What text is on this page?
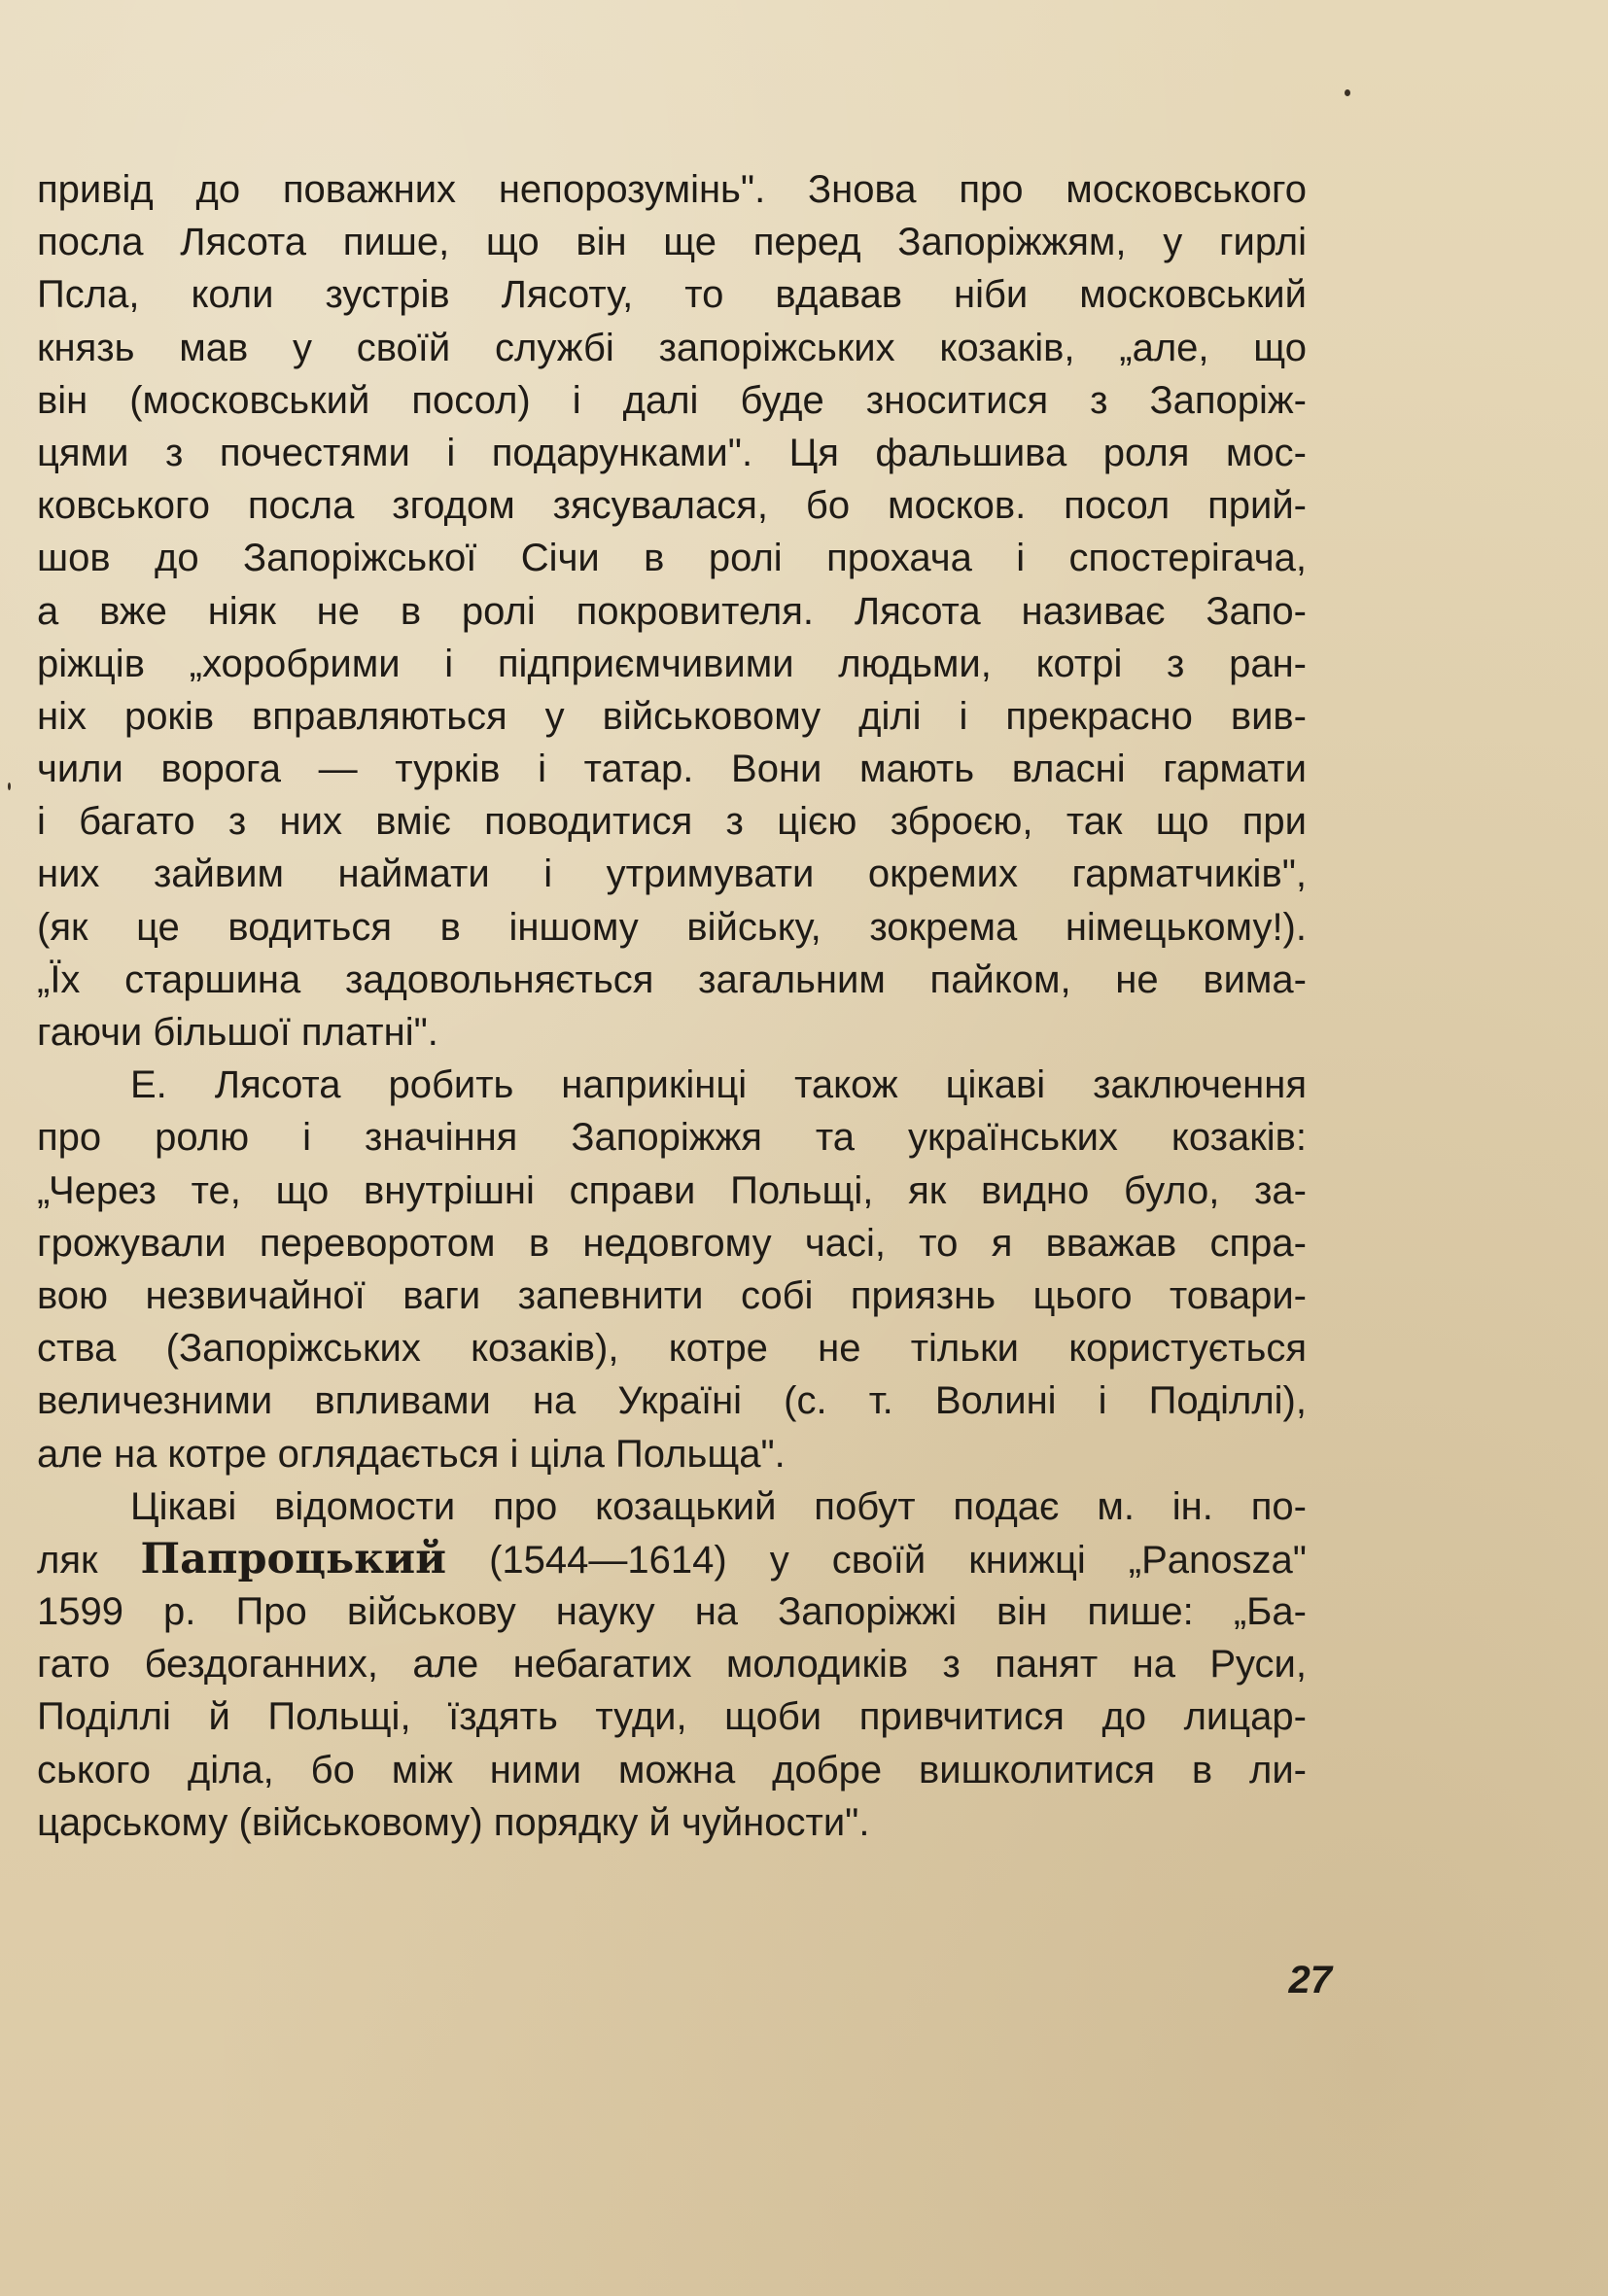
привід до поважних непорозумінь". Знова про московського
посла Лясота пише, що він ще перед Запоріжжям, у гирлі
Псла, коли зустрів Лясоту, то вдавав ніби московський
князь мав у своїй службі запоріжських козаків, „але, що
він (московський посол) і далі буде зноситися з Запоріж-
цями з почестями і подарунками". Ця фальшива роля мос-
ковського посла згодом зясувалася, бо москов. посол прий-
шов до Запоріжської Січи в ролі прохача і спостерігача,
а вже ніяк не в ролі покровителя. Лясота називає Запо-
ріжців „хоробрими і підприємчивими людьми, котрі з ран-
ніх років вправляються у військовому ділі і прекрасно вив-
чили ворога — турків і татар. Вони мають власні гармати
і багато з них вміє поводитися з цією зброєю, так що при
них зайвим наймати і утримувати окремих гарматчиків",
(як це водиться в іншому війську, зокрема німецькому!).
„Їх старшина задовольняється загальним пайком, не вима-
гаючи більшої платні".
Е. Лясота робить наприкінці також цікаві заключення
про ролю і значіння Запоріжжя та українських козаків:
„Через те, що внутрішні справи Польщі, як видно було, за-
грожували переворотом в недовгому часі, то я вважав спра-
вою незвичайної ваги запевнити собі приязнь цього товари-
ства (Запоріжських козаків), котре не тільки користується
величезними впливами на Україні (с. т. Волині і Поділлі),
але на котре оглядається і ціла Польща".
Цікаві відомости про козацький побут подає м. ін. по-
ляк Папроцький (1544—1614) у своїй книжці „Panosza"
1599 р. Про військову науку на Запоріжжі він пише: „Ба-
гато бездоганних, але небагатих молодиків з панят на Руси,
Поділлі й Польщі, їздять туди, щоби привчитися до лицар-
ського діла, бо між ними можна добре вишколитися в ли-
царському (військовому) порядку й чуйности".
27
